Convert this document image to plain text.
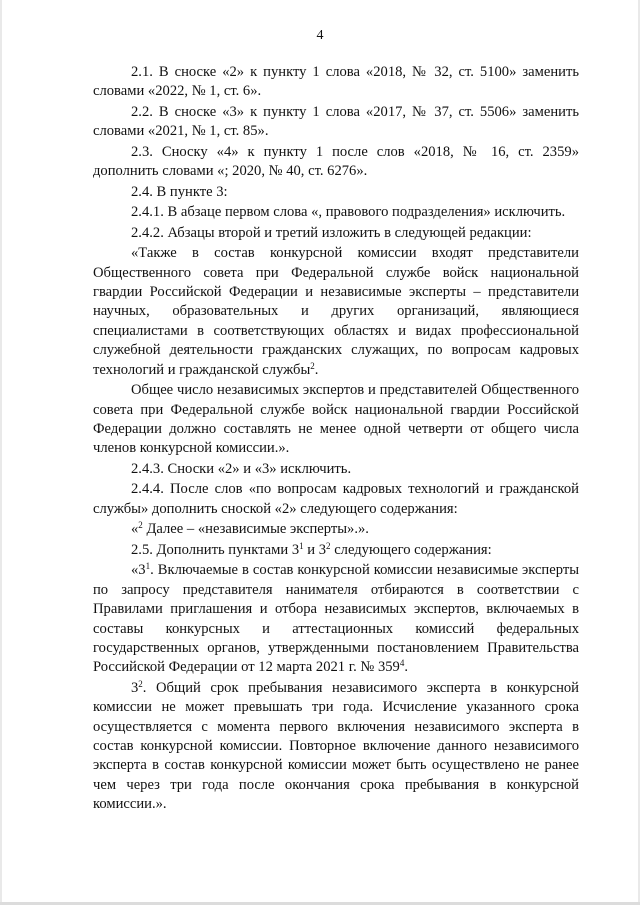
4

2.1. В сноске «2» к пункту 1 слова «2018, № 32, ст. 5100» заменить словами «2022, № 1, ст. 6».

2.2. В сноске «3» к пункту 1 слова «2017, № 37, ст. 5506» заменить словами «2021, № 1, ст. 85».

2.3. Сноску «4» к пункту 1 после слов «2018, № 16, ст. 2359» дополнить словами «; 2020, № 40, ст. 6276».

2.4. В пункте 3:

2.4.1. В абзаце первом слова «, правового подразделения» исключить.

2.4.2. Абзацы второй и третий изложить в следующей редакции:

«Также в состав конкурсной комиссии входят представители Общественного совета при Федеральной службе войск национальной гвардии Российской Федерации и независимые эксперты – представители научных, образовательных и других организаций, являющиеся специалистами в соответствующих областях и видах профессиональной служебной деятельности гражданских служащих, по вопросам кадровых технологий и гражданской службы$^2$.

Общее число независимых экспертов и представителей Общественного совета при Федеральной службе войск национальной гвардии Российской Федерации должно составлять не менее одной четверти от общего числа членов конкурсной комиссии.».

2.4.3. Сноски «2» и «3» исключить.

2.4.4. После слов «по вопросам кадровых технологий и гражданской службы» дополнить сноской «2» следующего содержания:

«$^2$ Далее – «независимые эксперты».».

2.5. Дополнить пунктами $3^1$ и $3^2$ следующего содержания:

«$3^1$. Включаемые в состав конкурсной комиссии независимые эксперты по запросу представителя нанимателя отбираются в соответствии с Правилами приглашения и отбора независимых экспертов, включаемых в составы конкурсных и аттестационных комиссий федеральных государственных органов, утвержденными постановлением Правительства Российской Федерации от 12 марта 2021 г. № $359^4$.

$3^2$. Общий срок пребывания независимого эксперта в конкурсной комиссии не может превышать три года. Исчисление указанного срока осуществляется с момента первого включения независимого эксперта в состав конкурсной комиссии. Повторное включение данного независимого эксперта в состав конкурсной комиссии может быть осуществлено не ранее чем через три года после окончания срока пребывания в конкурсной комиссии.».
